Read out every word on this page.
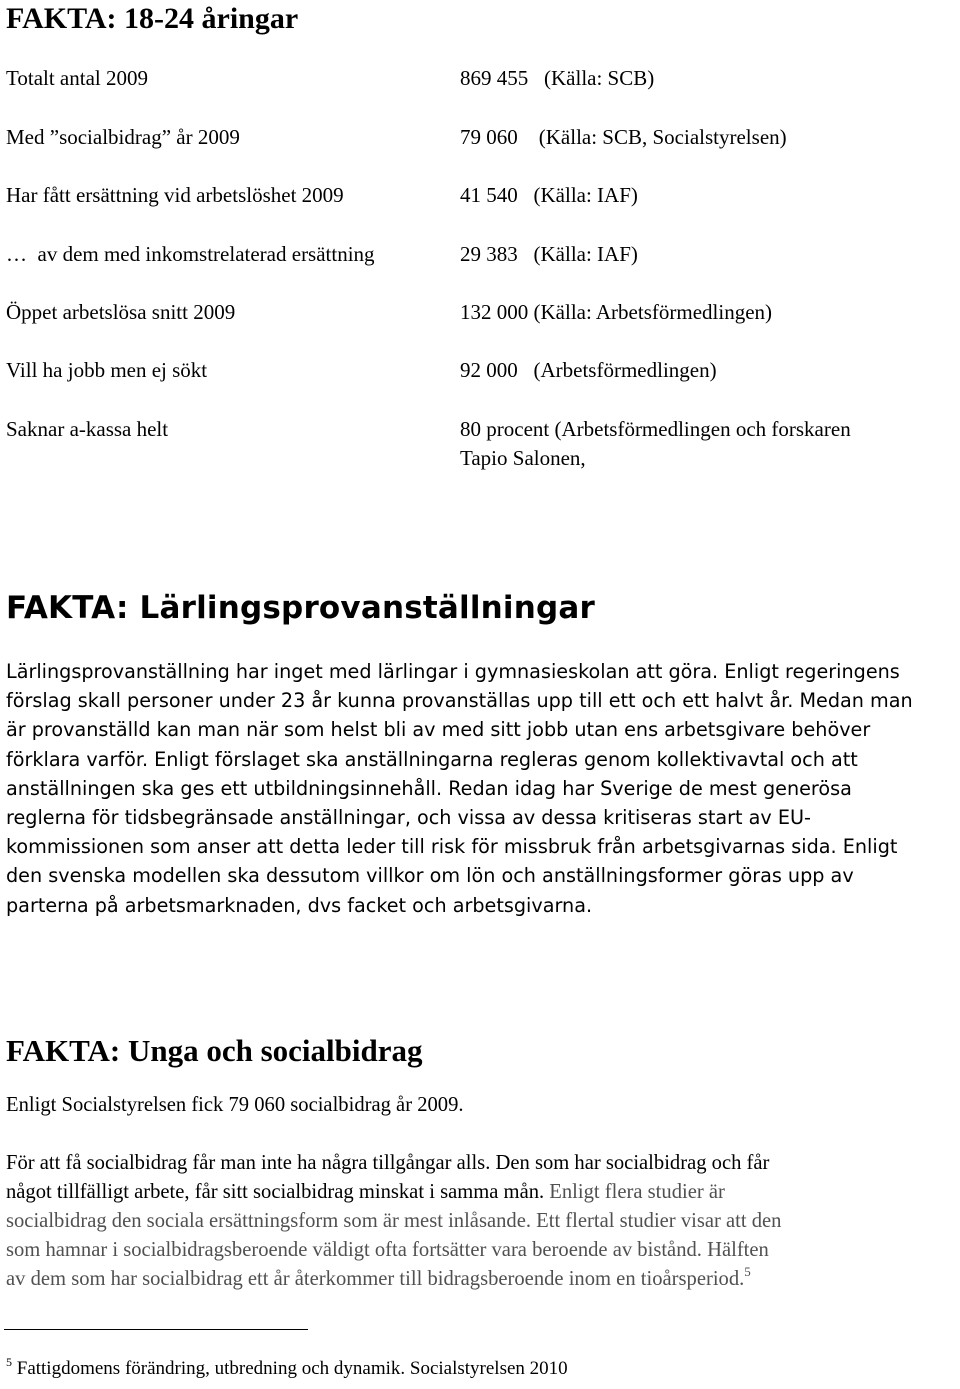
FAKTA: 18-24 åringar
Totalt antal 2009	869 455   (Källa: SCB)
Med ”socialbidrag” år 2009	79 060    (Källa: SCB, Socialstyrelsen)
Har fått ersättning vid arbetslöshet 2009	41 540   (Källa: IAF)
…  av dem med inkomstrelaterad ersättning	29 383   (Källa: IAF)
Öppet arbetslösa snitt 2009	132 000 (Källa: Arbetsförmedlingen)
Vill ha jobb men ej sökt	92 000   (Arbetsförmedlingen)
Saknar a-kassa helt	80 procent (Arbetsförmedlingen och forskaren
Tapio Salonen,
FAKTA: Lärlingsprovanställningar
Lärlingsprovanställning har inget med lärlingar i gymnasieskolan att göra. Enligt regeringens
förslag skall personer under 23 år kunna provanställas upp till ett och ett halvt år. Medan man
är provanställd kan man när som helst bli av med sitt jobb utan ens arbetsgivare behöver
förklara varför. Enligt förslaget ska anställningarna regleras genom kollektivavtal och att
anställningen ska ges ett utbildningsinnehåll. Redan idag har Sverige de mest generösa
reglerna för tidsbegränsade anställningar, och vissa av dessa kritiseras start av EU-
kommissionen som anser att detta leder till risk för missbruk från arbetsgivarnas sida. Enligt
den svenska modellen ska dessutom villkor om lön och anställningsformer göras upp av
parterna på arbetsmarknaden, dvs facket och arbetsgivarna.
FAKTA: Unga och socialbidrag
Enligt Socialstyrelsen fick 79 060 socialbidrag år 2009.
För att få socialbidrag får man inte ha några tillgångar alls. Den som har socialbidrag och får
något tillfälligt arbete, får sitt socialbidrag minskat i samma mån. Enligt flera studier är
socialbidrag den sociala ersättningsform som är mest inlåsande. Ett flertal studier visar att den
som hamnar i socialbidragsberoende väldigt ofta fortsätter vara beroende av bistånd. Hälften
av dem som har socialbidrag ett år återkommer till bidragsberoende inom en tioårsperiod.$^5$
$^5$ Fattigdomens förändring, utbredning och dynamik. Socialstyrelsen 2010
